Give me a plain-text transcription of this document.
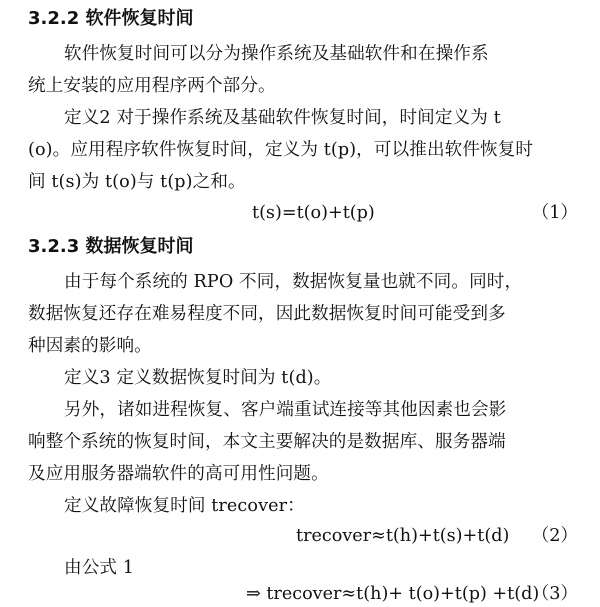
3.2.2 软件恢复时间
软件恢复时间可以分为操作系统及基础软件和在操作系
统上安装的应用程序两个部分。
定义2 对于操作系统及基础软件恢复时间，时间定义为 t
(o)。应用程序软件恢复时间，定义为 t(p)，可以推出软件恢复时
间 t(s)为 t(o)与 t(p)之和。
t(s)=t(o)+t(p)	（1）
3.2.3 数据恢复时间
由于每个系统的 RPO 不同，数据恢复量也就不同。同时，
数据恢复还存在难易程度不同，因此数据恢复时间可能受到多
种因素的影响。
定义3 定义数据恢复时间为 t(d)。
另外，诸如进程恢复、客户端重试连接等其他因素也会影
响整个系统的恢复时间，本文主要解决的是数据库、服务器端
及应用服务器端软件的高可用性问题。
定义故障恢复时间 trecover：
trecover≈t(h)+t(s)+t(d) （2）
由公式 1
⇒ trecover≈t(h)+ t(o)+t(p) +t(d)
（3）
